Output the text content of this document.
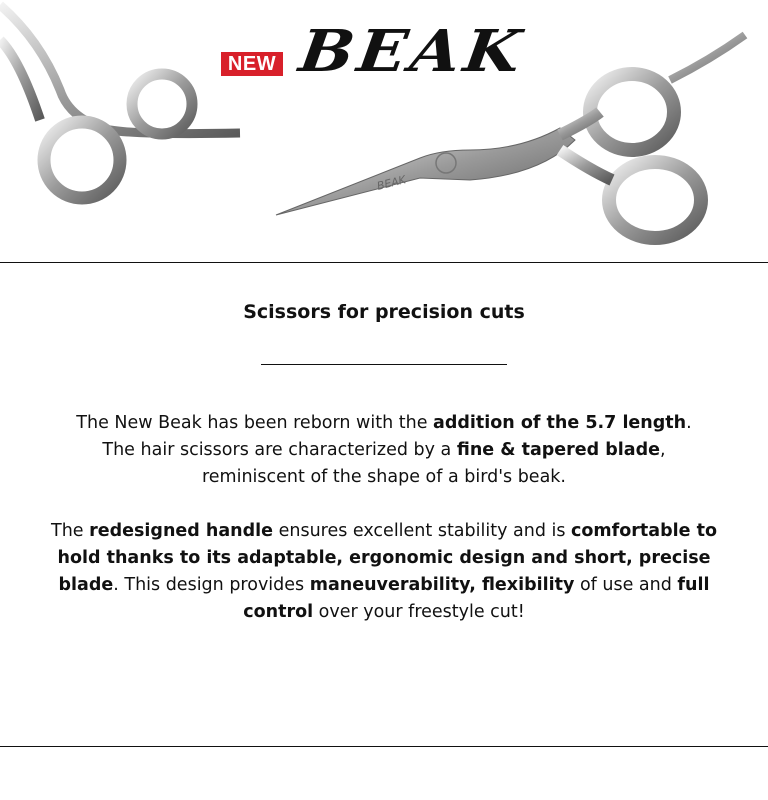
BEAK
NEW BEAK
Scissors for precision cuts
The New Beak has been reborn with the addition of the 5.7 length.
The hair scissors are characterized by a fine & tapered blade,
reminiscent of the shape of a bird's beak.
The redesigned handle ensures excellent stability and is comfortable to hold thanks to its adaptable, ergonomic design and short, precise blade. This design provides maneuverability, flexibility of use and full control over your freestyle cut!
